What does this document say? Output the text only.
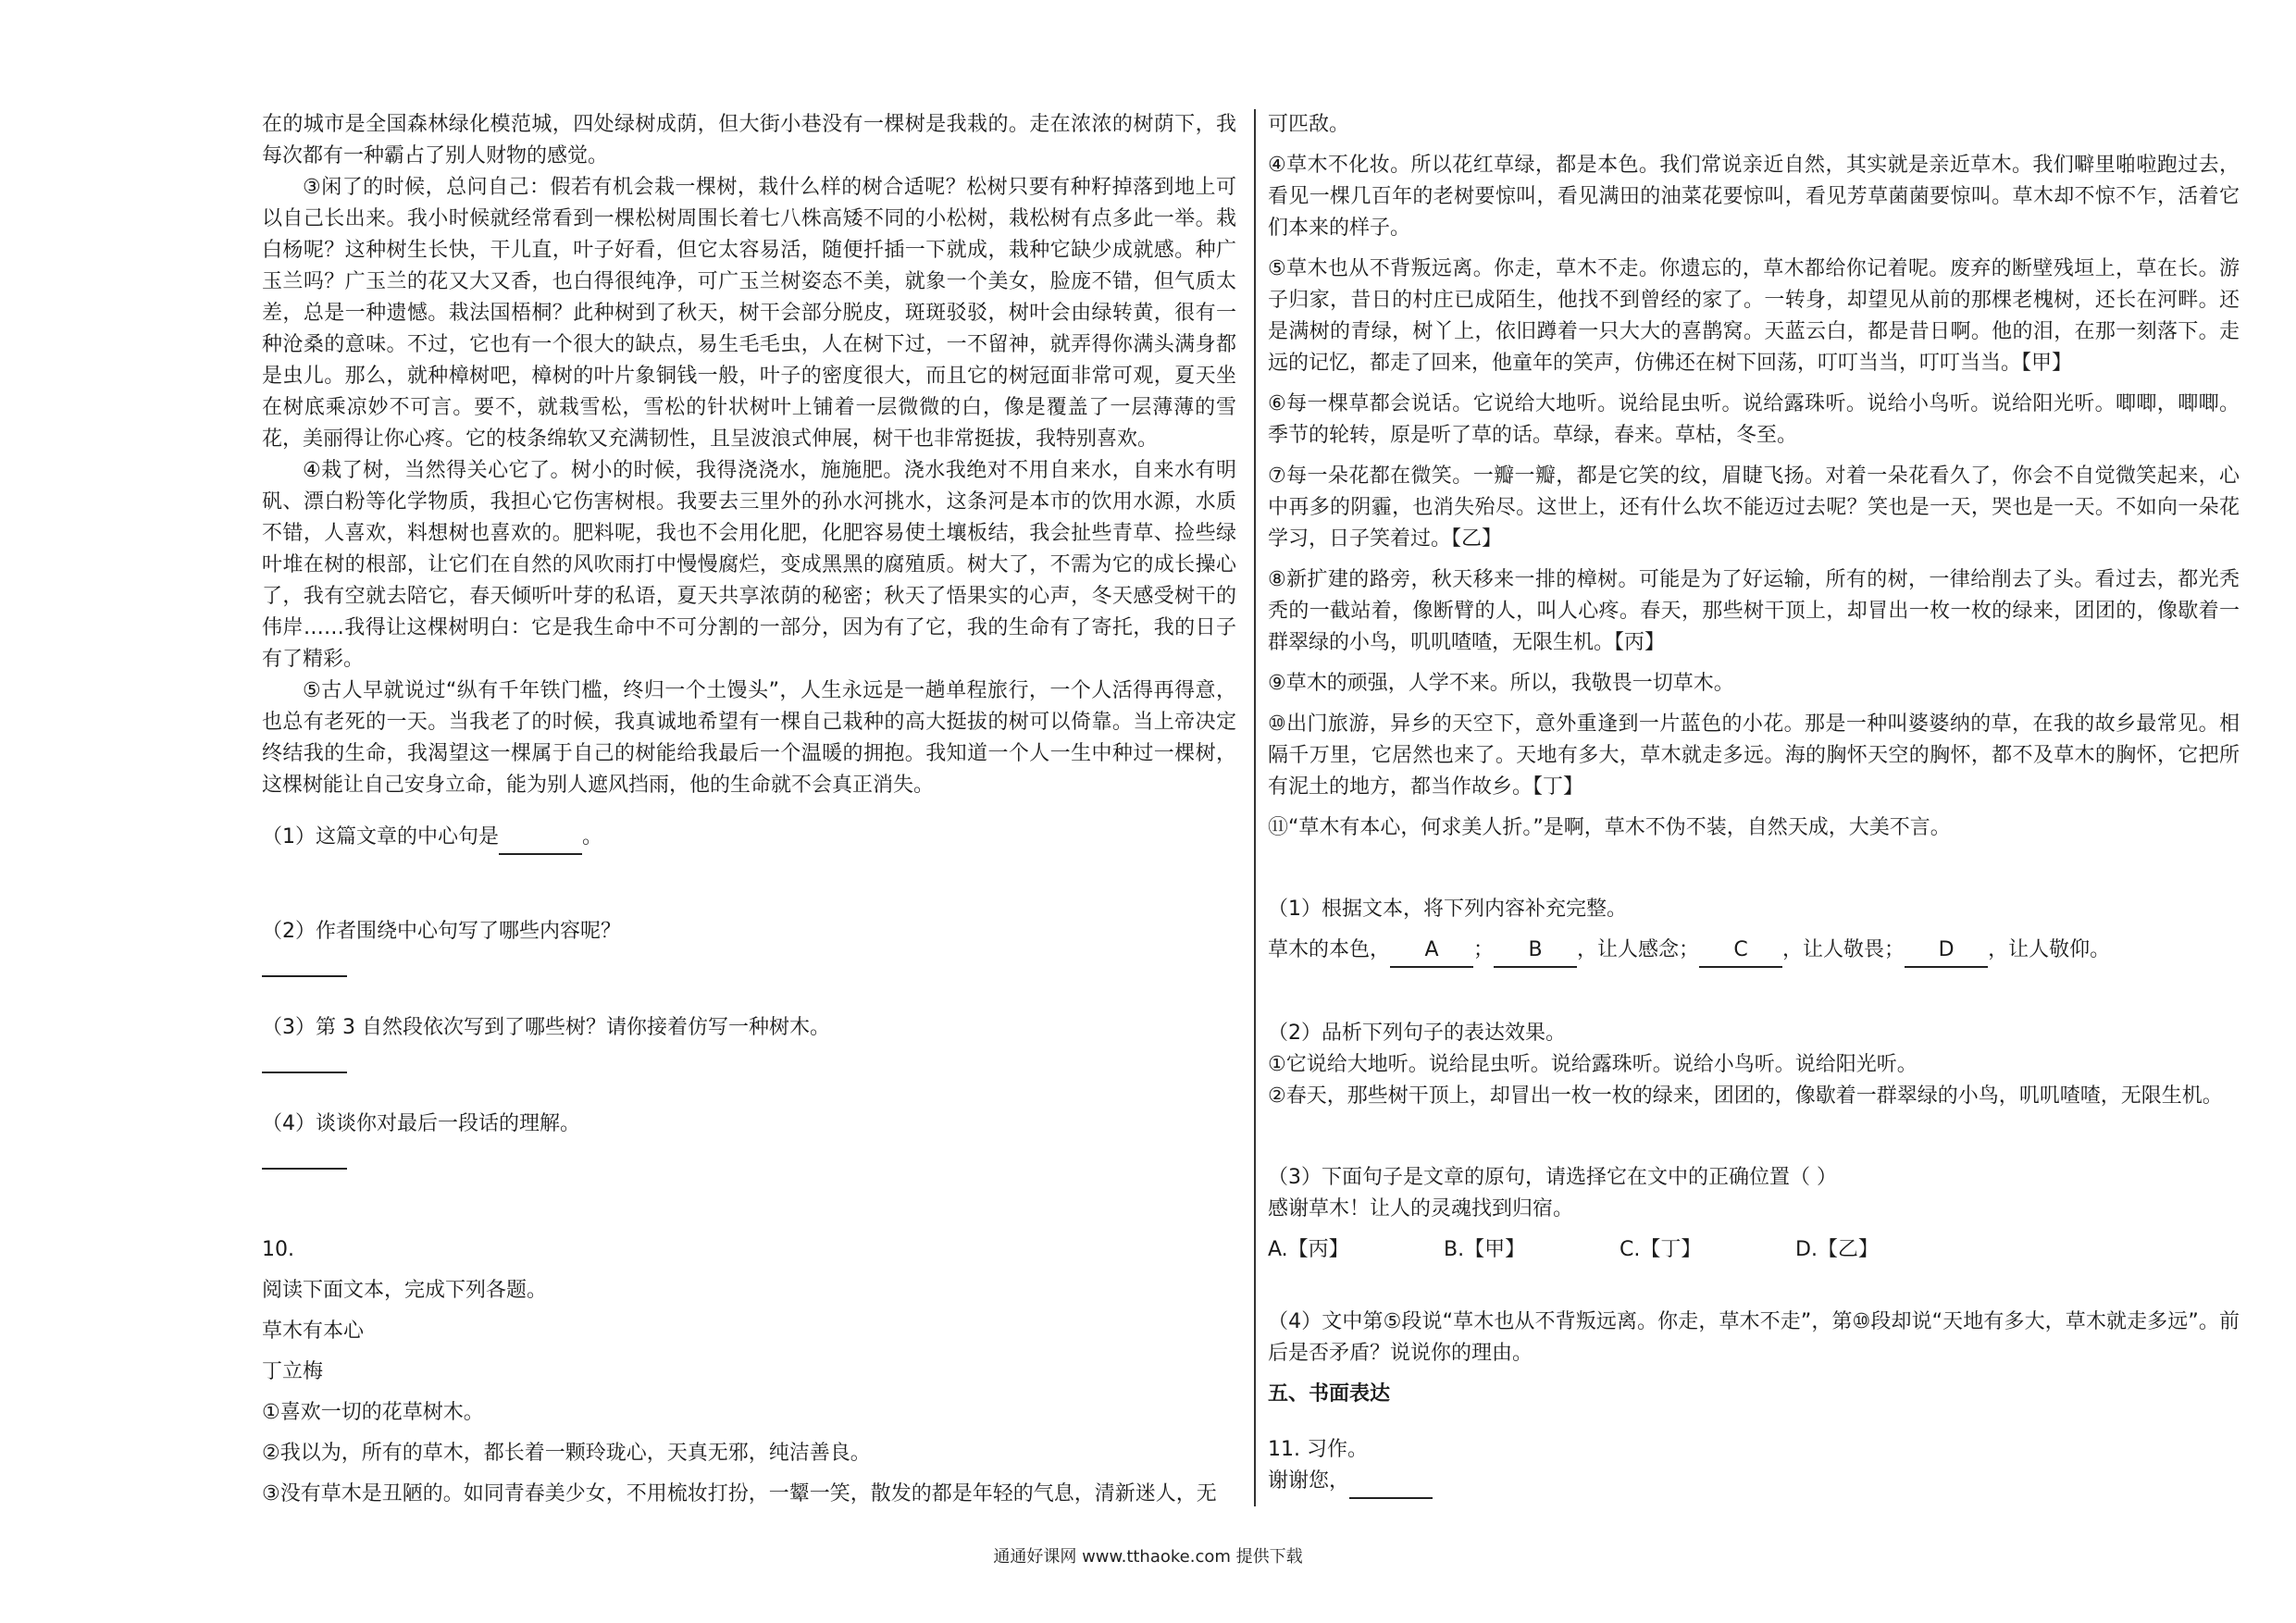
在的城市是全国森林绿化模范城，四处绿树成荫，但大街小巷没有一棵树是我栽的。走在浓浓的树荫下，我每次都有一种霸占了别人财物的感觉。

③闲了的时候，总问自己：假若有机会栽一棵树，栽什么样的树合适呢？松树只要有种籽掉落到地上可以自己长出来。我小时候就经常看到一棵松树周围长着七八株高矮不同的小松树，栽松树有点多此一举。栽白杨呢？这种树生长快，干儿直，叶子好看，但它太容易活，随便扦插一下就成，栽种它缺少成就感。种广玉兰吗？广玉兰的花又大又香，也白得很纯净，可广玉兰树姿态不美，就象一个美女，脸庞不错，但气质太差，总是一种遗憾。栽法国梧桐？此种树到了秋天，树干会部分脱皮，斑斑驳驳，树叶会由绿转黄，很有一种沧桑的意味。不过，它也有一个很大的缺点，易生毛毛虫，人在树下过，一不留神，就弄得你满头满身都是虫儿。那么，就种樟树吧，樟树的叶片象铜钱一般，叶子的密度很大，而且它的树冠面非常可观，夏天坐在树底乘凉妙不可言。要不，就栽雪松，雪松的针状树叶上铺着一层微微的白，像是覆盖了一层薄薄的雪花，美丽得让你心疼。它的枝条绵软又充满韧性，且呈波浪式伸展，树干也非常挺拔，我特别喜欢。

④栽了树，当然得关心它了。树小的时候，我得浇浇水，施施肥。浇水我绝对不用自来水，自来水有明矾、漂白粉等化学物质，我担心它伤害树根。我要去三里外的孙水河挑水，这条河是本市的饮用水源，水质不错，人喜欢，料想树也喜欢的。肥料呢，我也不会用化肥，化肥容易使土壤板结，我会扯些青草、捡些绿叶堆在树的根部，让它们在自然的风吹雨打中慢慢腐烂，变成黑黑的腐殖质。树大了，不需为它的成长操心了，我有空就去陪它，春天倾听叶芽的私语，夏天共享浓荫的秘密；秋天了悟果实的心声，冬天感受树干的伟岸……我得让这棵树明白：它是我生命中不可分割的一部分，因为有了它，我的生命有了寄托，我的日子有了精彩。

⑤古人早就说过“纵有千年铁门槛，终归一个土馒头”，人生永远是一趟单程旅行，一个人活得再得意，也总有老死的一天。当我老了的时候，我真诚地希望有一棵自己栽种的高大挺拔的树可以倚靠。当上帝决定终结我的生命，我渴望这一棵属于自己的树能给我最后一个温暖的拥抱。我知道一个人一生中种过一棵树，这棵树能让自己安身立命，能为别人遮风挡雨，他的生命就不会真正消失。

（1）这篇文章的中心句是	。
（2）作者围绕中心句写了哪些内容呢？
（3）第 3 自然段依次写到了哪些树？请你接着仿写一种树木。
（4）谈谈你对最后一段话的理解。

10.

阅读下面文本，完成下列各题。

草木有本心

丁立梅

①喜欢一切的花草树木。

②我以为，所有的草木，都长着一颗玲珑心，天真无邪，纯洁善良。

③没有草木是丑陋的。如同青春美少女，不用梳妆打扮，一颦一笑，散发的都是年轻的气息，清新迷人，无

可匹敌。

④草木不化妆。所以花红草绿，都是本色。我们常说亲近自然，其实就是亲近草木。我们噼里啪啦跑过去，看见一棵几百年的老树要惊叫，看见满田的油菜花要惊叫，看见芳草菌菌要惊叫。草木却不惊不乍，活着它们本来的样子。

⑤草木也从不背叛远离。你走，草木不走。你遗忘的，草木都给你记着呢。废弃的断壁残垣上，草在长。游子归家，昔日的村庄已成陌生，他找不到曾经的家了。一转身，却望见从前的那棵老槐树，还长在河畔。还是满树的青绿，树丫上，依旧蹲着一只大大的喜鹊窝。天蓝云白，都是昔日啊。他的泪，在那一刻落下。走远的记忆，都走了回来，他童年的笑声，仿佛还在树下回荡，叮叮当当，叮叮当当。【甲】

⑥每一棵草都会说话。它说给大地听。说给昆虫听。说给露珠听。说给小鸟听。说给阳光听。唧唧，唧唧。季节的轮转，原是听了草的话。草绿，春来。草枯，冬至。

⑦每一朵花都在微笑。一瓣一瓣，都是它笑的纹，眉睫飞扬。对着一朵花看久了，你会不自觉微笑起来，心中再多的阴霾，也消失殆尽。这世上，还有什么坎不能迈过去呢？笑也是一天，哭也是一天。不如向一朵花学习，日子笑着过。【乙】

⑧新扩建的路旁，秋天移来一排的樟树。可能是为了好运输，所有的树，一律给削去了头。看过去，都光秃秃的一截站着，像断臂的人，叫人心疼。春天，那些树干顶上，却冒出一枚一枚的绿来，团团的，像歇着一群翠绿的小鸟，叽叽喳喳，无限生机。【丙】

⑨草木的顽强，人学不来。所以，我敬畏一切草木。

⑩出门旅游，异乡的天空下，意外重逢到一片蓝色的小花。那是一种叫婆婆纳的草，在我的故乡最常见。相隔千万里，它居然也来了。天地有多大，草木就走多远。海的胸怀天空的胸怀，都不及草木的胸怀，它把所有泥土的地方，都当作故乡。【丁】

⑪“草木有本心，何求美人折。”是啊，草木不伪不装，自然天成，大美不言。

（1）根据文本，将下列内容补充完整。

草木的本色， A ； B ，让人感念； C ，让人敬畏； D ，让人敬仰。

（2）品析下列句子的表达效果。

①它说给大地听。说给昆虫听。说给露珠听。说给小鸟听。说给阳光听。

②春天，那些树干顶上，却冒出一枚一枚的绿来，团团的，像歇着一群翠绿的小鸟，叽叽喳喳，无限生机。

（3）下面句子是文章的原句，请选择它在文中的正确位置（ ）

感谢草木！让人的灵魂找到归宿。

A.【丙】	B.【甲】	C.【丁】	D.【乙】

（4）文中第⑤段说“草木也从不背叛远离。你走，草木不走”，第⑩段却说“天地有多大，草木就走多远”。前后是否矛盾？说说你的理由。

五、书面表达

11. 习作。

谢谢您，

通通好课网 www.tthaoke.com 提供下载
